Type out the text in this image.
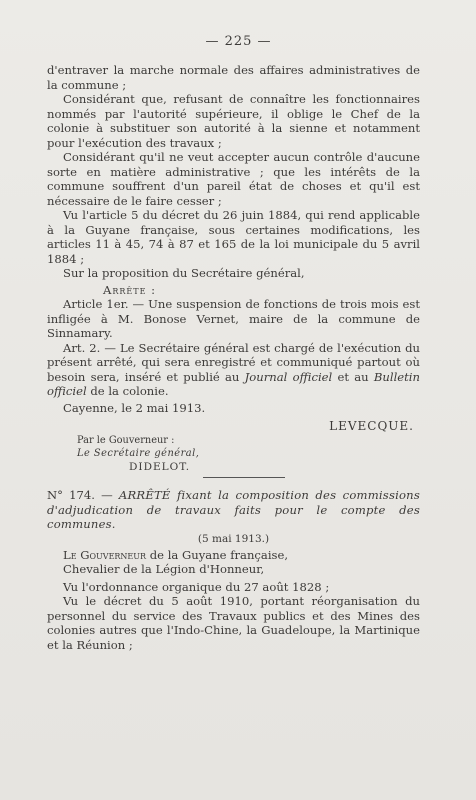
— 225 —

d'entraver la marche normale des affaires administratives de la commune ;

Considérant que, refusant de connaître les fonctionnaires nommés par l'autorité supérieure, il oblige le Chef de la colonie à substituer son autorité à la sienne et notamment pour l'exécution des travaux ;

Considérant qu'il ne veut accepter aucun contrôle d'aucune sorte en matière administrative ; que les intérêts de la commune souffrent d'un pareil état de choses et qu'il est nécessaire de le faire cesser ;

Vu l'article 5 du décret du 26 juin 1884, qui rend applicable à la Guyane française, sous certaines modifications, les articles 11 à 45, 74 à 87 et 165 de la loi municipale du 5 avril 1884 ;

Sur la proposition du Secrétaire général,

Arrête :

Article 1er. — Une suspension de fonctions de trois mois est infligée à M. Bonose Vernet, maire de la commune de Sinnamary.

Art. 2. — Le Secrétaire général est chargé de l'exécution du présent arrêté, qui sera enregistré et communiqué partout où besoin sera, inséré et publié au Journal officiel et au Bulletin officiel de la colonie.

Cayenne, le 2 mai 1913.

LEVECQUE.
Par le Gouverneur :
Le Secrétaire général,
DIDELOT.

N° 174. — ARRÊTÉ fixant la composition des commissions d'adjudication de travaux faits pour le compte des communes.

(5 mai 1913.)

Le Gouverneur de la Guyane française,

Chevalier de la Légion d'Honneur,

Vu l'ordonnance organique du 27 août 1828 ;

Vu le décret du 5 août 1910, portant réorganisation du personnel du service des Travaux publics et des Mines des colonies autres que l'Indo-Chine, la Guadeloupe, la Martinique et la Réunion ;
